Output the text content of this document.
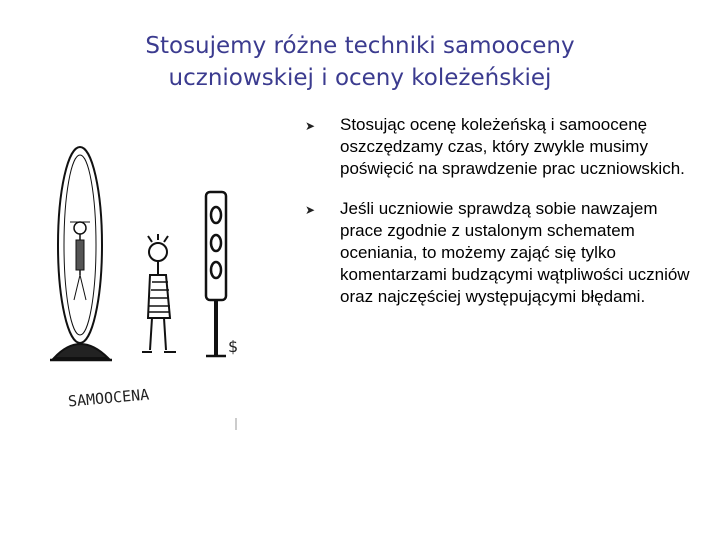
Stosujemy różne techniki samooceny
uczniowskiej i oceny koleżeńskiej
$
SAMOOCENA
➤ Stosując ocenę koleżeńską i samoocenę oszczędzamy czas, który zwykle musimy poświęcić na sprawdzenie prac uczniowskich.
➤ Jeśli uczniowie sprawdzą sobie nawzajem prace zgodnie z ustalonym schematem oceniania, to możemy zająć się tylko komentarzami budzącymi wątpliwości uczniów oraz najczęściej występującymi błędami.
